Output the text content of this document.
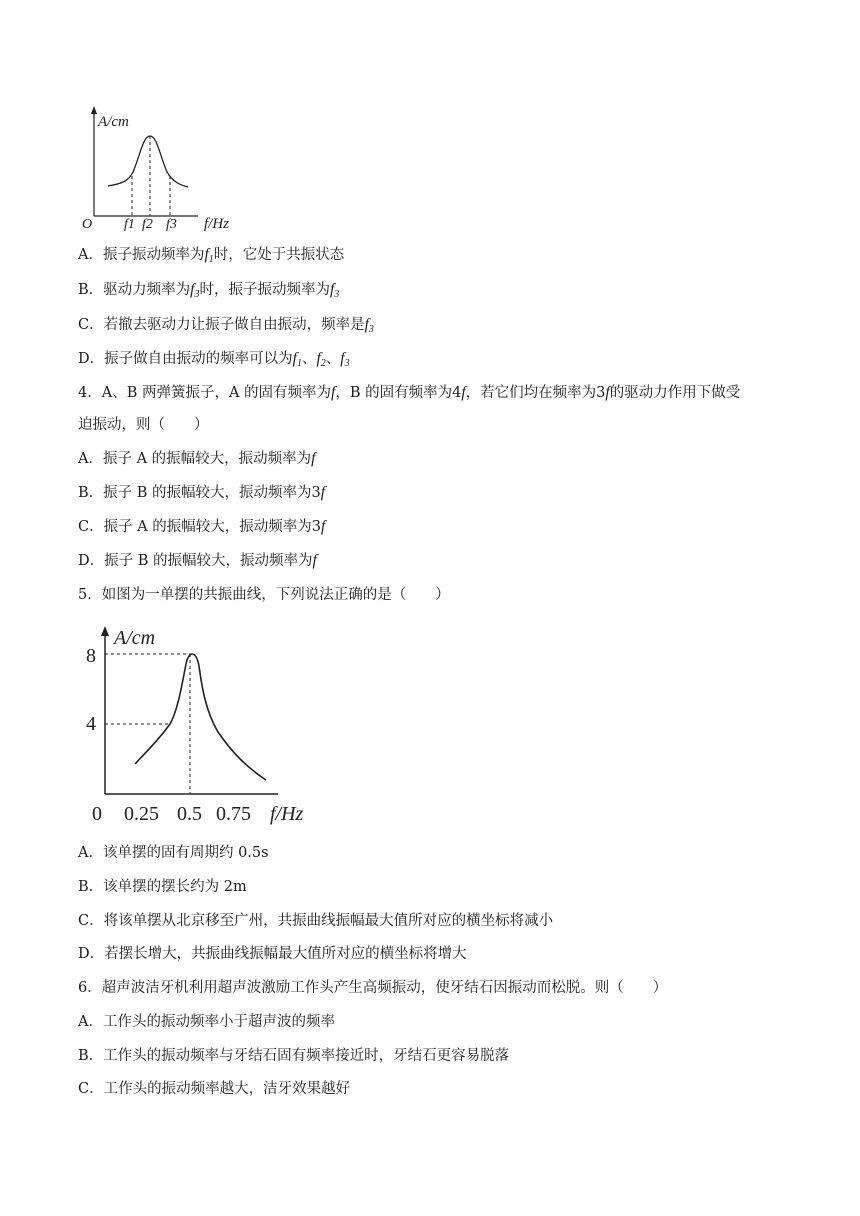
A/cm
O f1 f2 f3 f/Hz
A．振子振动频率为$f_1$时，它处于共振状态
B．驱动力频率为$f_3$时，振子振动频率为$f_3$
C．若撤去驱动力让振子做自由振动，频率是$f_3$
D．振子做自由振动的频率可以为$f_1$、$f_2$、$f_3$
4．A、B 两弹簧振子，A 的固有频率为f，B 的固有频率为4f，若它们均在频率为3f的驱动力作用下做受
迫振动，则（　　）
A．振子 A 的振幅较大，振动频率为f
B．振子 B 的振幅较大，振动频率为3f
C．振子 A 的振幅较大，振动频率为3f
D．振子 B 的振幅较大，振动频率为f
5．如图为一单摆的共振曲线，下列说法正确的是（　　）
A/cm
8
4
0 0.25 0.5 0.75 f/Hz
A．该单摆的固有周期约 0.5s
B．该单摆的摆长约为 2m
C．将该单摆从北京移至广州，共振曲线振幅最大值所对应的横坐标将减小
D．若摆长增大，共振曲线振幅最大值所对应的横坐标将增大
6．超声波洁牙机利用超声波激励工作头产生高频振动，使牙结石因振动而松脱。则（　　）
A．工作头的振动频率小于超声波的频率
B．工作头的振动频率与牙结石固有频率接近时，牙结石更容易脱落
C．工作头的振动频率越大，洁牙效果越好
